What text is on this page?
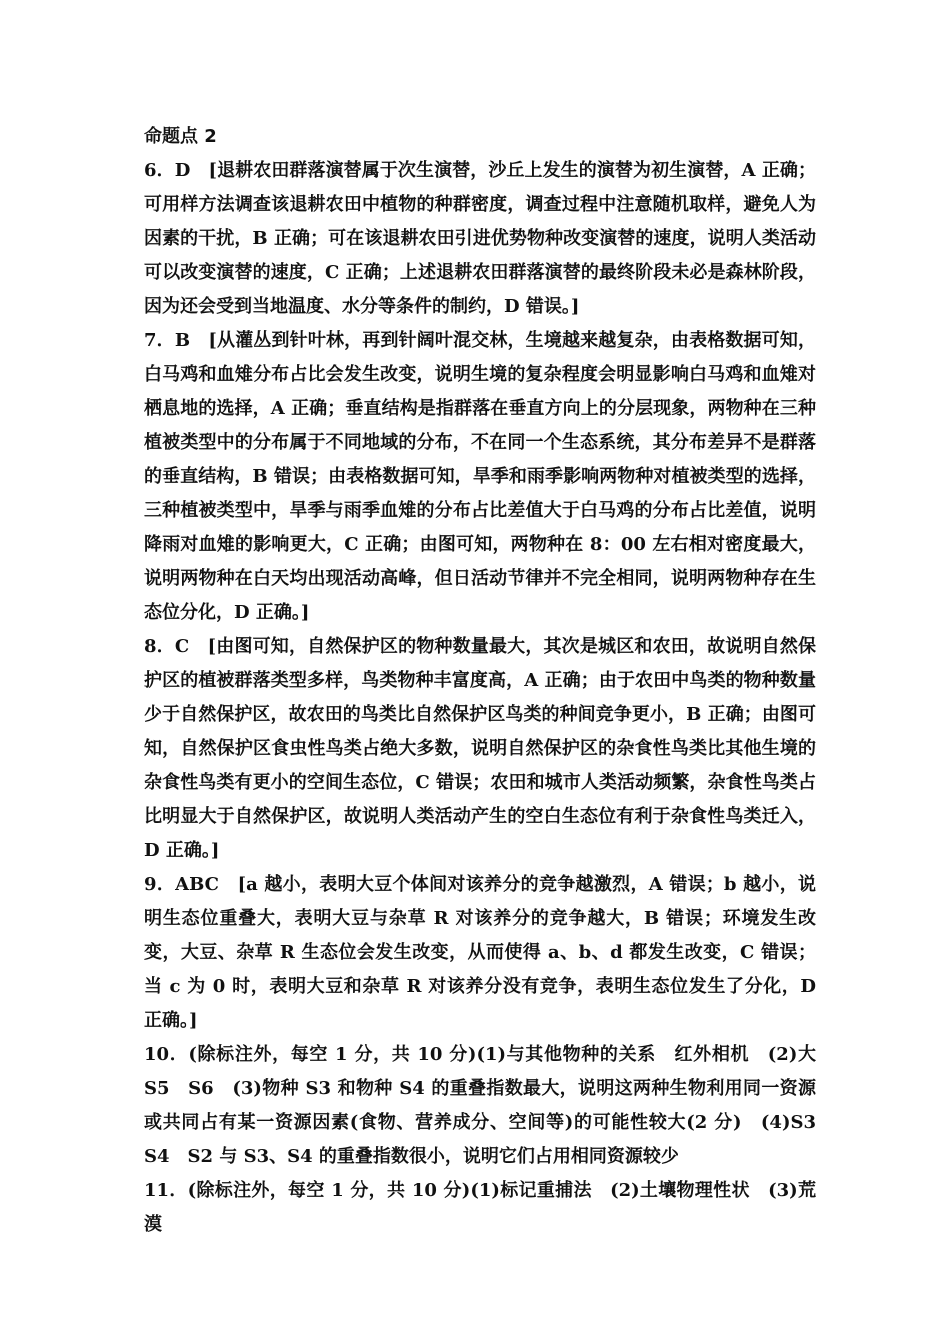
命题点 2

6．D　 [退耕农田群落演替属于次生演替，沙丘上发生的演替为初生演替，A 正确；可用样方法调查该退耕农田中植物的种群密度，调查过程中注意随机取样，避免人为因素的干扰，B 正确；可在该退耕农田引进优势物种改变演替的速度，说明人类活动可以改变演替的速度，C 正确；上述退耕农田群落演替的最终阶段未必是森林阶段，因为还会受到当地温度、水分等条件的制约，D 错误。]

7．B　 [从灌丛到针叶林，再到针阔叶混交林，生境越来越复杂，由表格数据可知，白马鸡和血雉分布占比会发生改变，说明生境的复杂程度会明显影响白马鸡和血雉对栖息地的选择，A 正确；垂直结构是指群落在垂直方向上的分层现象，两物种在三种植被类型中的分布属于不同地域的分布，不在同一个生态系统，其分布差异不是群落的垂直结构，B 错误；由表格数据可知，旱季和雨季影响两物种对植被类型的选择，三种植被类型中，旱季与雨季血雉的分布占比差值大于白马鸡的分布占比差值，说明降雨对血雉的影响更大，C 正确；由图可知，两物种在 8：00 左右相对密度最大，说明两物种在白天均出现活动高峰，但日活动节律并不完全相同，说明两物种存在生态位分化，D 正确。]

8．C　 [由图可知，自然保护区的物种数量最大，其次是城区和农田，故说明自然保护区的植被群落类型多样，鸟类物种丰富度高，A 正确；由于农田中鸟类的物种数量少于自然保护区，故农田的鸟类比自然保护区鸟类的种间竞争更小，B 正确；由图可知，自然保护区食虫性鸟类占绝大多数，说明自然保护区的杂食性鸟类比其他生境的杂食性鸟类有更小的空间生态位，C 错误；农田和城市人类活动频繁，杂食性鸟类占比明显大于自然保护区，故说明人类活动产生的空白生态位有利于杂食性鸟类迁入，D 正确。]

9．ABC　 [a 越小，表明大豆个体间对该养分的竞争越激烈，A 错误；b 越小，说明生态位重叠大，表明大豆与杂草 R 对该养分的竞争越大，B 错误；环境发生改变，大豆、杂草 R 生态位会发生改变，从而使得 a、b、d 都发生改变，C 错误；当 c 为 0 时，表明大豆和杂草 R 对该养分没有竞争，表明生态位发生了分化，D 正确。]

10．(除标注外，每空 1 分，共 10 分)(1)与其他物种的关系　红外相机　(2)大　S5　S6　(3)物种 S3 和物种 S4 的重叠指数最大，说明这两种生物利用同一资源或共同占有某一资源因素(食物、营养成分、空间等)的可能性较大(2 分)　(4)S3　S4　S2 与 S3、S4 的重叠指数很小，说明它们占用相同资源较少

11．(除标注外，每空 1 分，共 10 分)(1)标记重捕法　(2)土壤物理性状　(3)荒漠
